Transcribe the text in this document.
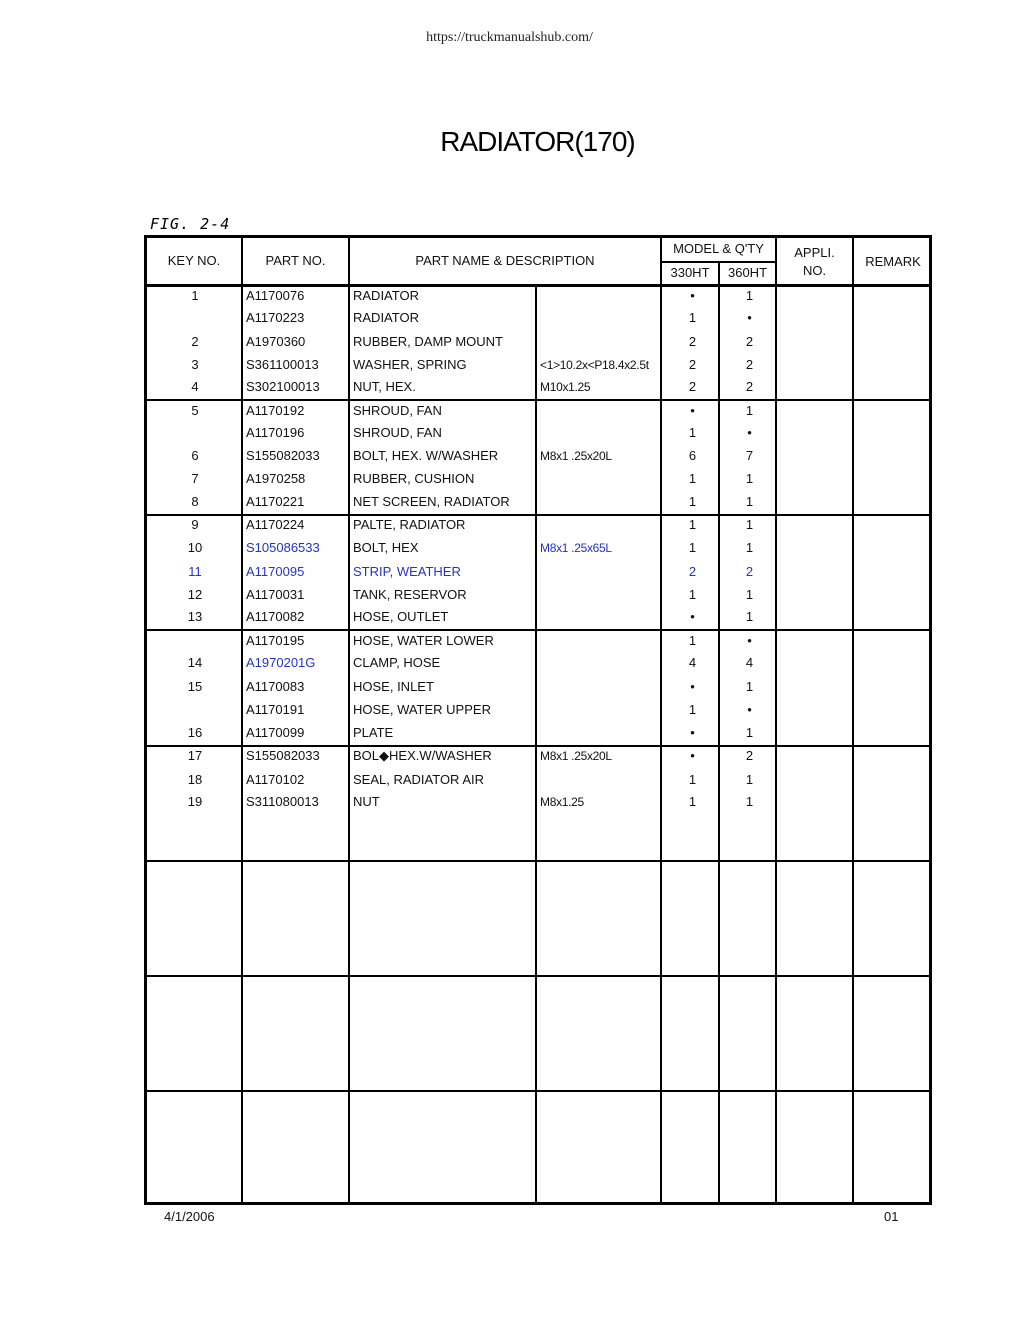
https://truckmanualshub.com/
RADIATOR(170)
FIG. 2-4
KEY NO.	PART NO.	PART NAME & DESCRIPTION
MODEL & Q'TY
330HT	360HT
APPLI.
NO.
REMARK
1	A1170076	RADIATOR	•	1
A1170223	RADIATOR	1	•
2	A1970360	RUBBER, DAMP MOUNT	2	2
3	S361100013	WASHER, SPRING	<1>10.2x<P18.4x2.5t	2	2
4	S302100013	NUT, HEX.	M10x1.25	2	2
5	A1170192	SHROUD, FAN	•	1
A1170196	SHROUD, FAN	1	•
6	S155082033	BOLT, HEX. W/WASHER	M8x1 .25x20L	6	7
7	A1970258	RUBBER, CUSHION	1	1
8	A1170221	NET SCREEN, RADIATOR	1	1
9	A1170224	PALTE, RADIATOR	1	1
10	S105086533	BOLT, HEX	M8x1 .25x65L	1	1
11	A1170095	STRIP, WEATHER	2	2
12	A1170031	TANK, RESERVOR	1	1
13	A1170082	HOSE, OUTLET	•	1
A1170195	HOSE, WATER LOWER	1	•
14	A1970201G	CLAMP, HOSE	4	4
15	A1170083	HOSE, INLET	•	1
A1170191	HOSE, WATER UPPER	1	•
16	A1170099	PLATE	•	1
17	S155082033	BOL◆HEX.W/WASHER	M8x1 .25x20L	•	2
18	A1170102	SEAL, RADIATOR AIR	1	1
19	S311080013	NUT	M8x1.25	1	1
4/1/2006	01
